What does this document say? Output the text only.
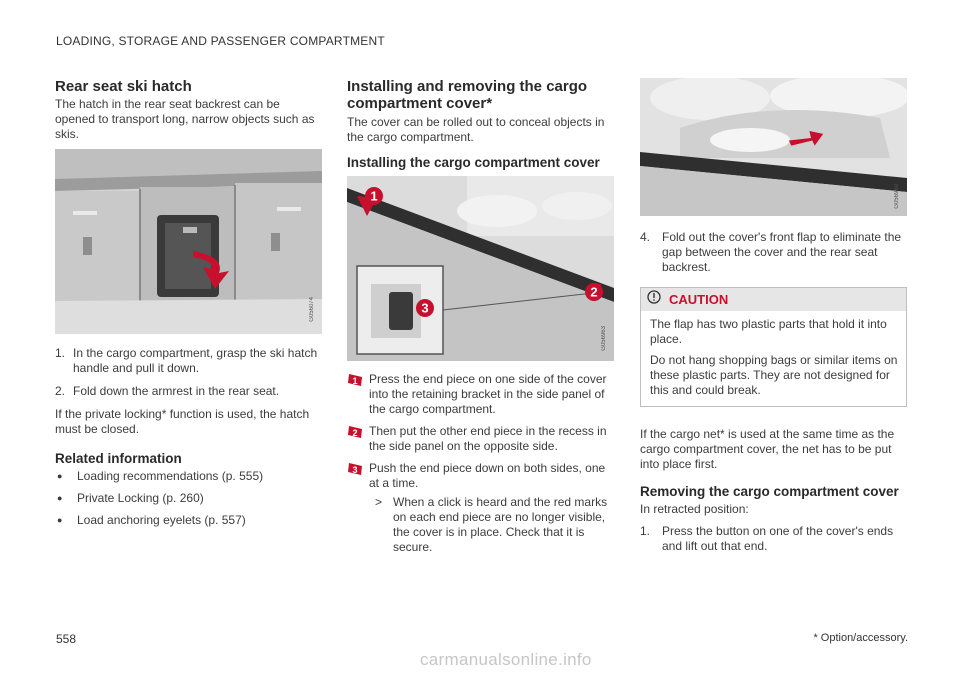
LOADING, STORAGE AND PASSENGER COMPARTMENT
Rear seat ski hatch

The hatch in the rear seat backrest can be opened to transport long, narrow objects such as skis.

G056074
1. In the cargo compartment, grasp the ski hatch handle and pull it down.
2. Fold down the armrest in the rear seat.

If the private locking* function is used, the hatch must be closed.

Related information
●	Loading recommendations (p. 555)
●	Private Locking (p. 260)
●	Load anchoring eyelets (p. 557)
Installing and removing the cargo compartment cover*

The cover can be rolled out to conceal objects in the cargo compartment.

Installing the cargo compartment cover
1
2
3
G056963
1 Press the end piece on one side of the cover into the retaining bracket in the side panel of the cargo compartment.
2 Then put the other end piece in the recess in the side panel on the opposite side.
3 Push the end piece down on both sides, one at a time.
> When a click is heard and the red marks on each end piece are no longer visible, the cover is in place. Check that it is secure.
G056960
4. Fold out the cover's front flap to eliminate the gap between the cover and the rear seat backrest.
CAUTION

The flap has two plastic parts that hold it into place.

Do not hang shopping bags or similar items on these plastic parts. They are not designed for this and could break.

If the cargo net* is used at the same time as the cargo compartment cover, the net has to be put into place first.

Removing the cargo compartment cover

In retracted position:

1. Press the button on one of the cover's ends and lift out that end.
558	* Option/accessory.
carmanualsonline.info
